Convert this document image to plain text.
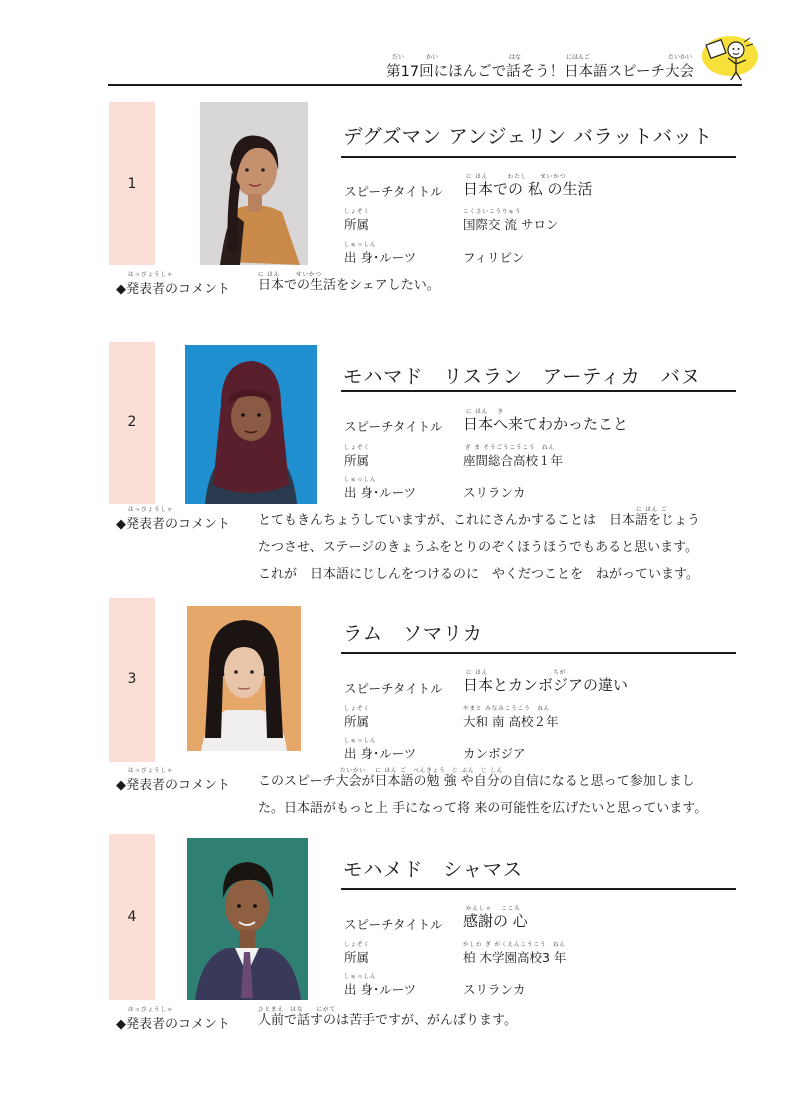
だい	かい	はな	にほんご	たいかい
第17回にほんごで話そう！日本語スピーチ大会
1
デグズマン アンジェリン バラットバット
に ほん　　　わたし　　せいかつ
スピーチタイトル 日本での 私 の生活
しょぞく	こくさいこうりゅう
所属	国際交 流 サロン
しゅっしん
出 身･ルーツ	フィリピン
はっぴょうしゃ
◆発表者のコメント
に ほん　　 せいかつ
日本での生活をシェアしたい。
2
モハマド　リスラン　アーティカ　バヌ
に ほん　 き
スピーチタイトル 日本へ来てわかったこと
しょぞく	ざ ま そうごうこうこう　ねん
所属	座間総合高校１年
しゅっしん
出 身･ルーツ	スリランカ
はっぴょうしゃ
◆発表者のコメント
に ほん ご
とてもきんちょうしていますが、これにさんかすることは　日本語をじょう
たつさせ、ステージのきょうふをとりのぞくほうほうでもあると思います。
これが　日本語にじしんをつけるのに　やくだつことを　ねがっています。
3
ラム　ソマリカ
に ほん　　　　　　　　　　ちが
スピーチタイトル 日本とカンボジアの違い
しょぞく	やまと みなみこうこう　ねん
所属	大和 南 高校２年
しゅっしん
出 身･ルーツ	カンボジア
はっぴょうしゃ
◆発表者のコメント
たいかい　 に ほん ご　べんきょう　じ ぶん　じ しん
このスピーチ大会が日本語の勉 強 や自分の自信になると思って参加しまし
た。日本語がもっと上 手になって将 来の可能性を広げたいと思っています。
4
モハメド　シャマス
かんしゃ　 こころ
スピーチタイトル 感謝の 心
しょぞく	かしわ ぎ がくえんこうこう　ねん
所属	柏 木学園高校3 年
しゅっしん
出 身･ルーツ	スリランカ
はっぴょうしゃ
◆発表者のコメント
ひとまえ　はな　　にがて
人前で話すのは苦手ですが、がんばります。
